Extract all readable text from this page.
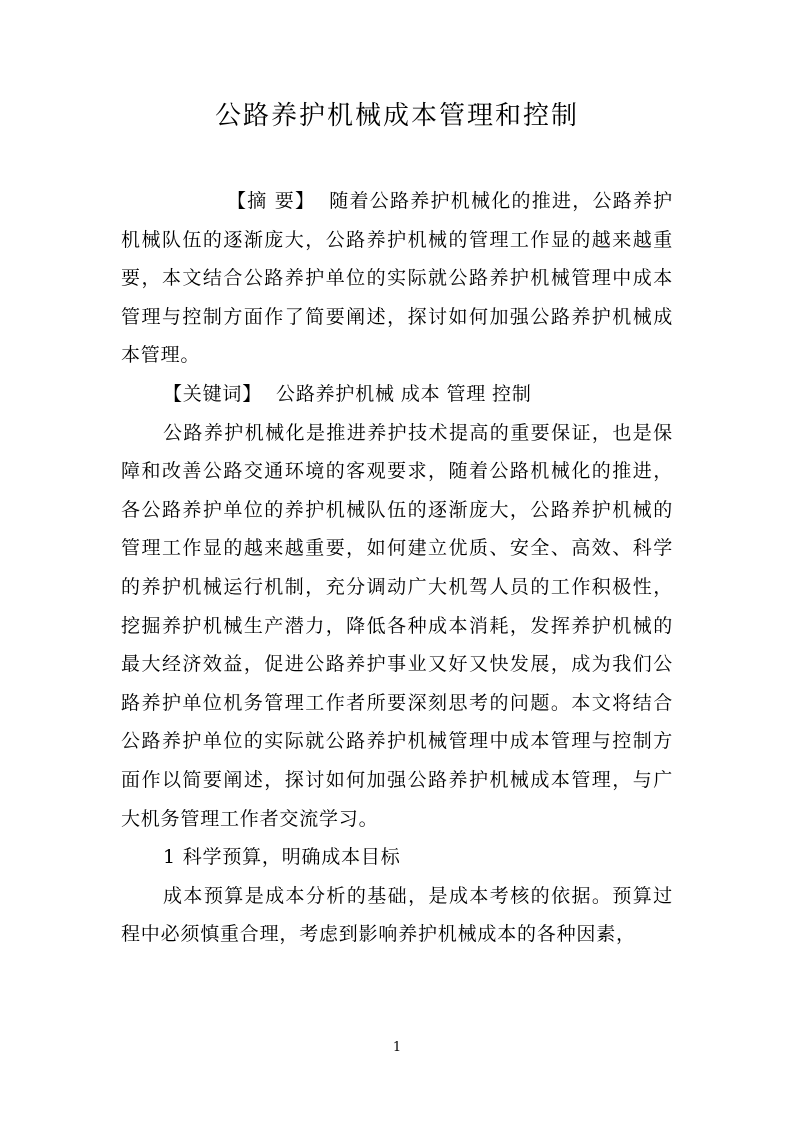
公路养护机械成本管理和控制

【摘 要】 随着公路养护机械化的推进，公路养护机械队伍的逐渐庞大，公路养护机械的管理工作显的越来越重要，本文结合公路养护单位的实际就公路养护机械管理中成本管理与控制方面作了简要阐述，探讨如何加强公路养护机械成本管理。

【关键词】 公路养护机械 成本 管理 控制

公路养护机械化是推进养护技术提高的重要保证，也是保障和改善公路交通环境的客观要求，随着公路机械化的推进，各公路养护单位的养护机械队伍的逐渐庞大，公路养护机械的管理工作显的越来越重要，如何建立优质、安全、高效、科学的养护机械运行机制，充分调动广大机驾人员的工作积极性，挖掘养护机械生产潜力，降低各种成本消耗，发挥养护机械的最大经济效益，促进公路养护事业又好又快发展，成为我们公路养护单位机务管理工作者所要深刻思考的问题。本文将结合公路养护单位的实际就公路养护机械管理中成本管理与控制方面作以简要阐述，探讨如何加强公路养护机械成本管理，与广大机务管理工作者交流学习。

1 科学预算，明确成本目标

成本预算是成本分析的基础，是成本考核的依据。预算过程中必须慎重合理，考虑到影响养护机械成本的各种因素，

1
